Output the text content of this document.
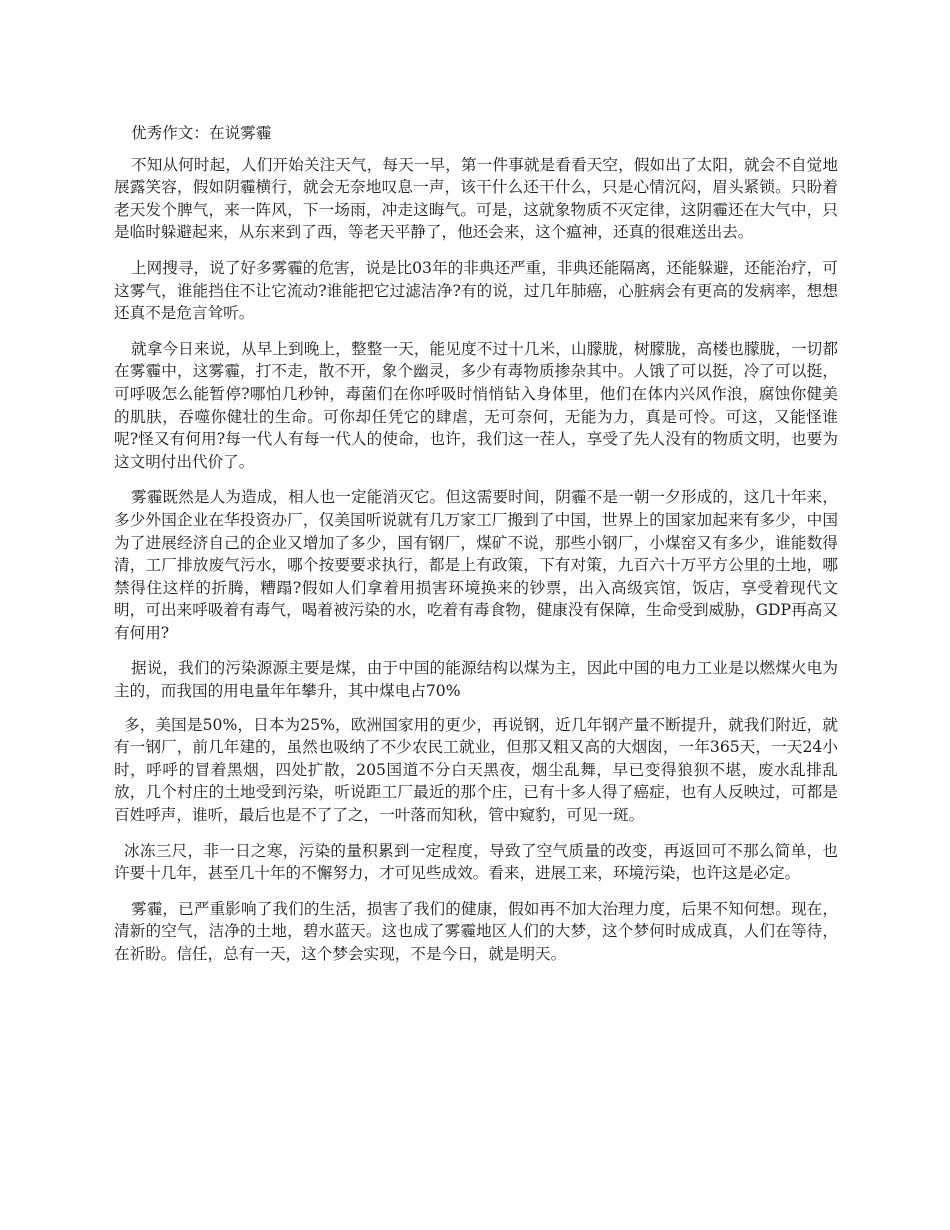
优秀作文：在说雾霾

不知从何时起，人们开始关注天气，每天一早，第一件事就是看看天空，假如出了太阳，就会不自觉地展露笑容，假如阴霾横行，就会无奈地叹息一声，该干什么还干什么，只是心情沉闷，眉头紧锁。只盼着老天发个脾气，来一阵风，下一场雨，冲走这晦气。可是，这就象物质不灭定律，这阴霾还在大气中，只是临时躲避起来，从东来到了西，等老天平静了，他还会来，这个瘟神，还真的很难送出去。

上网搜寻，说了好多雾霾的危害，说是比03年的非典还严重，非典还能隔离，还能躲避，还能治疗，可这雾气，谁能挡住不让它流动?谁能把它过滤洁净?有的说，过几年肺癌，心脏病会有更高的发病率，想想还真不是危言耸听。

就拿今日来说，从早上到晚上，整整一天，能见度不过十几米，山朦胧，树朦胧，高楼也朦胧，一切都在雾霾中，这雾霾，打不走，散不开，象个幽灵，多少有毒物质掺杂其中。人饿了可以挺，冷了可以挺，可呼吸怎么能暂停?哪怕几秒钟，毒菌们在你呼吸时悄悄钻入身体里，他们在体内兴风作浪，腐蚀你健美的肌肤，吞噬你健壮的生命。可你却任凭它的肆虐，无可奈何，无能为力，真是可怜。可这，又能怪谁呢?怪又有何用?每一代人有每一代人的使命，也许，我们这一茬人，享受了先人没有的物质文明，也要为这文明付出代价了。

雾霾既然是人为造成，相人也一定能消灭它。但这需要时间，阴霾不是一朝一夕形成的，这几十年来，多少外国企业在华投资办厂，仅美国听说就有几万家工厂搬到了中国，世界上的国家加起来有多少，中国为了进展经济自己的企业又增加了多少，国有钢厂，煤矿不说，那些小钢厂，小煤窑又有多少，谁能数得清，工厂排放废气污水，哪个按要要求执行，都是上有政策，下有对策，九百六十万平方公里的土地，哪禁得住这样的折腾，糟蹋?假如人们拿着用损害环境换来的钞票，出入高级宾馆，饭店，享受着现代文明，可出来呼吸着有毒气，喝着被污染的水，吃着有毒食物，健康没有保障，生命受到威胁，GDP再高又有何用?

据说，我们的污染源源主要是煤，由于中国的能源结构以煤为主，因此中国的电力工业是以燃煤火电为主的，而我国的用电量年年攀升，其中煤电占70%

多，美国是50%，日本为25%，欧洲国家用的更少，再说钢，近几年钢产量不断提升，就我们附近，就有一钢厂，前几年建的，虽然也吸纳了不少农民工就业，但那又粗又高的大烟囱，一年365天，一天24小时，呼呼的冒着黑烟，四处扩散，205国道不分白天黑夜，烟尘乱舞，早已变得狼狈不堪，废水乱排乱放，几个村庄的土地受到污染，听说距工厂最近的那个庄，已有十多人得了癌症，也有人反映过，可都是百姓呼声，谁听，最后也是不了了之，一叶落而知秋，管中窥豹，可见一斑。

冰冻三尺，非一日之寒，污染的量积累到一定程度，导致了空气质量的改变，再返回可不那么简单，也许要十几年，甚至几十年的不懈努力，才可见些成效。看来，进展工来，环境污染，也许这是必定。

雾霾，已严重影响了我们的生活，损害了我们的健康，假如再不加大治理力度，后果不知何想。现在，清新的空气，洁净的土地，碧水蓝天。这也成了雾霾地区人们的大梦，这个梦何时成成真，人们在等待，在祈盼。信任，总有一天，这个梦会实现，不是今日，就是明天。
